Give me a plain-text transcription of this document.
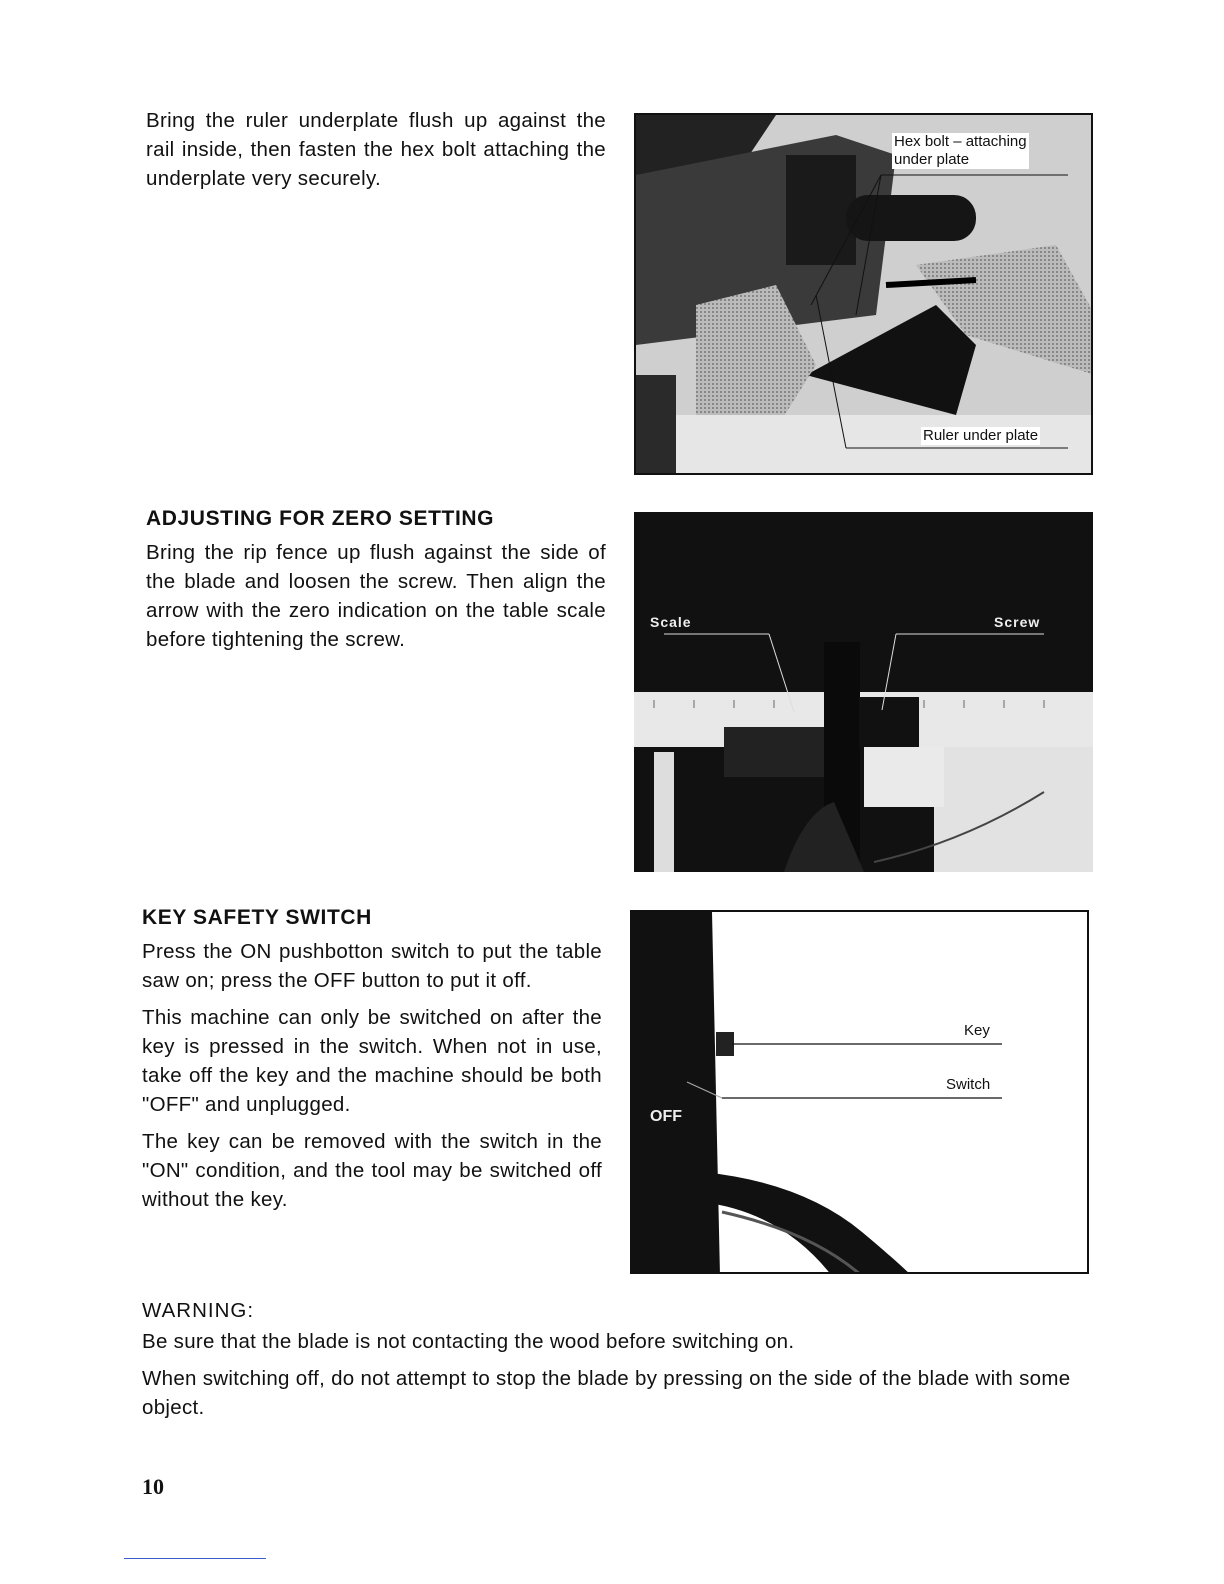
Bring the ruler underplate flush up against the rail inside, then fasten the hex bolt attaching the underplate very securely.

Hex bolt – attaching
under plate
Ruler under plate
ADJUSTING FOR ZERO SETTING

Bring the rip fence up flush against the side of the blade and loosen the screw. Then align the arrow with the zero indication on the table scale before tightening the screw.

Scale	Screw
KEY SAFETY SWITCH

Press the ON pushbotton switch to put the table saw on; press the OFF button to put it off.

This machine can only be switched on after the key is pressed in the switch. When not in use, take off the key and the machine should be both "OFF" and unplugged.

The key can be removed with the switch in the "ON" condition, and the tool may be switched off without the key.

Key
Switch
OFF
WARNING:

Be sure that the blade is not contacting the wood before switching on.

When switching off, do not attempt to stop the blade by pressing on the side of the blade with some object.

10
